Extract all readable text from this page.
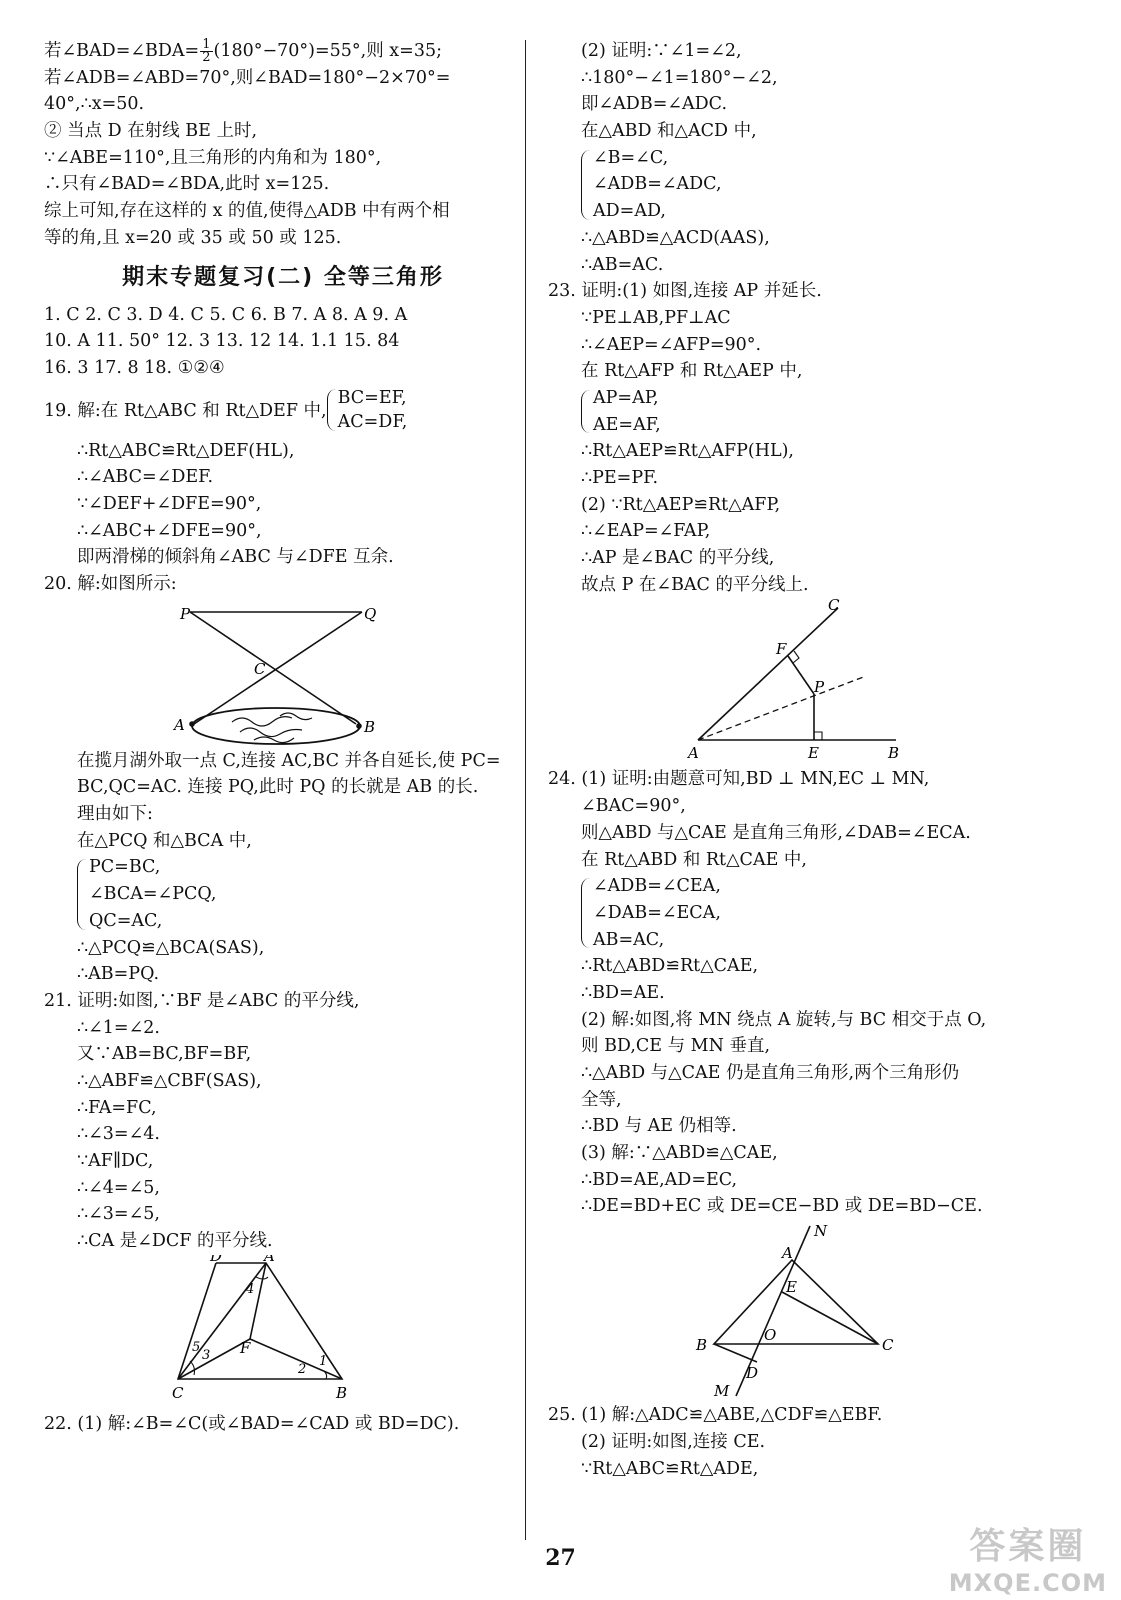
若∠BAD=∠BDA= $\frac{1}{2} (180^\circ-70^\circ)=55^\circ$,则 x=35;
若∠ADB=∠ABD=70°,则∠BAD=180°−2×70°=
40°,∴x=50.
② 当点 D 在射线 BE 上时,
∵∠ABE=110°,且三角形的内角和为 180°,
∴只有∠BAD=∠BDA,此时 x=125.
综上可知,存在这样的 x 的值,使得△ADB 中有两个相
等的角,且 x=20 或 35 或 50 或 125.
期末专题复习(二) 全等三角形
1. C 2. C 3. D 4. C 5. C 6. B 7. A 8. A 9. A
10. A 11. 50° 12. 3 13. 12 14. 1.1 15. 84
16. 3 17. 8 18. ①②④
19. 解:在 Rt△ABC 和 Rt△DEF 中,
BC=EF,
AC=DF,
∴Rt△ABC≌Rt△DEF(HL),
∴∠ABC=∠DEF.
∵∠DEF+∠DFE=90°,
∴∠ABC+∠DFE=90°,
即两滑梯的倾斜角∠ABC 与∠DFE 互余.
20. 解:如图所示:
P	Q
C
A	B
在揽月湖外取一点 C,连接 AC,BC 并各自延长,使 PC=
BC,QC=AC. 连接 PQ,此时 PQ 的长就是 AB 的长.
理由如下:
在△PCQ 和△BCA 中,
PC=BC,
∠BCA=∠PCQ,
QC=AC,
∴△PCQ≌△BCA(SAS),
∴AB=PQ.
21. 证明:如图,∵BF 是∠ABC 的平分线,
∴∠1=∠2.
又∵AB=BC,BF=BF,
∴△ABF≌△CBF(SAS),
∴FA=FC,
∴∠3=∠4.
∵AF∥DC,
∴∠4=∠5,
∴∠3=∠5,
∴CA 是∠DCF 的平分线.
D	A
C	B
F
1
2
3
4
5
22. (1) 解:∠B=∠C(或∠BAD=∠CAD 或 BD=DC).
(2) 证明:∵∠1=∠2,
∴180°−∠1=180°−∠2,
即∠ADB=∠ADC.
在△ABD 和△ACD 中,
∠B=∠C,
∠ADB=∠ADC,
AD=AD,
∴△ABD≌△ACD(AAS),
∴AB=AC.
23. 证明:(1) 如图,连接 AP 并延长.
∵PE⊥AB,PF⊥AC
∴∠AEP=∠AFP=90°.
在 Rt△AFP 和 Rt△AEP 中,
AP=AP,
AE=AF,
∴Rt△AEP≌Rt△AFP(HL),
∴PE=PF.
(2) ∵Rt△AEP≌Rt△AFP,
∴∠EAP=∠FAP,
∴AP 是∠BAC 的平分线,
故点 P 在∠BAC 的平分线上.
C
F
P
A	E	B
24. (1) 证明:由题意可知,BD ⊥ MN,EC ⊥ MN,
∠BAC=90°,
则△ABD 与△CAE 是直角三角形,∠DAB=∠ECA.
在 Rt△ABD 和 Rt△CAE 中,
∠ADB=∠CEA,
∠DAB=∠ECA,
AB=AC,
∴Rt△ABD≌Rt△CAE,
∴BD=AE.
(2) 解:如图,将 MN 绕点 A 旋转,与 BC 相交于点 O,
则 BD,CE 与 MN 垂直,
∴△ABD 与△CAE 仍是直角三角形,两个三角形仍
全等,
∴BD 与 AE 仍相等.
(3) 解:∵△ABD≌△CAE,
∴BD=AE,AD=EC,
∴DE=BD+EC 或 DE=CE−BD 或 DE=BD−CE.
N
A
E
B
O
C
D
M
25. (1) 解:△ADC≌△ABE,△CDF≌△EBF.
(2) 证明:如图,连接 CE.
∵Rt△ABC≌Rt△ADE,
27	答案圈
MXQE.COM
